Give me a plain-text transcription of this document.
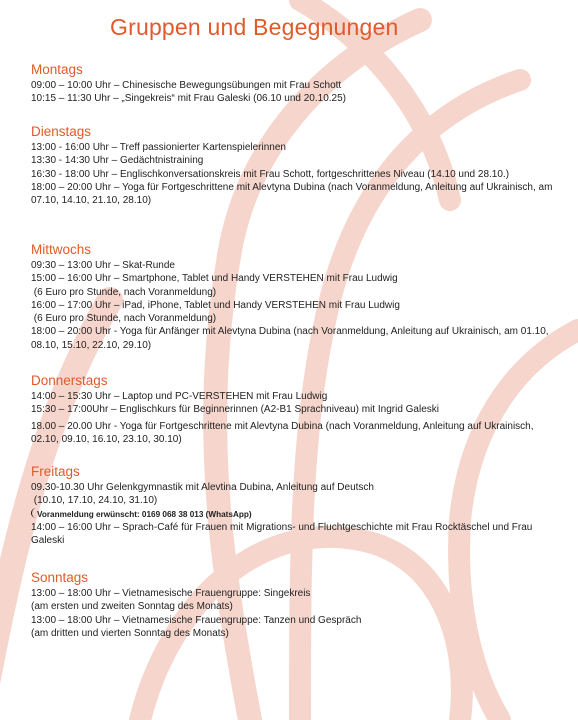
Gruppen und Begegnungen
Montags
09:00 – 10:00 Uhr – Chinesische Bewegungsübungen mit Frau Schott
10:15 – 11:30 Uhr – „Singekreis“ mit Frau Galeski (06.10 und 20.10.25)
Dienstags
13:00 - 16:00 Uhr – Treff passionierter Kartenspielerinnen
13:30 - 14:30 Uhr – Gedächtnistraining
16:30 - 18:00 Uhr – Englischkonversationskreis mit Frau Schott, fortgeschrittenes Niveau (14.10 und 28.10.)
18:00 – 20:00 Uhr – Yoga für Fortgeschrittene mit Alevtyna Dubina (nach Voranmeldung, Anleitung auf Ukrainisch, am 07.10, 14.10, 21.10, 28.10)
Mittwochs
09:30 – 13:00 Uhr – Skat-Runde
15:00 – 16:00 Uhr – Smartphone, Tablet und Handy VERSTEHEN mit Frau Ludwig
(6 Euro pro Stunde, nach Voranmeldung)
16:00 – 17:00 Uhr – iPad, iPhone, Tablet und Handy VERSTEHEN mit Frau Ludwig
(6 Euro pro Stunde, nach Voranmeldung)
18:00 – 20:00 Uhr - Yoga für Anfänger mit Alevtyna Dubina (nach Voranmeldung, Anleitung auf Ukrainisch, am 01.10, 08.10, 15.10, 22.10, 29.10)
Donnerstags
14:00 – 15:30 Uhr – Laptop und PC-VERSTEHEN mit Frau Ludwig
15:30 – 17:00Uhr – Englischkurs für Beginnerinnen (A2-B1 Sprachniveau) mit Ingrid Galeski
18.00 – 20.00 Uhr - Yoga für Fortgeschrittene mit Alevtyna Dubina (nach Voranmeldung, Anleitung auf Ukrainisch, 02.10, 09.10, 16.10, 23.10, 30.10)
Freitags
09.30-10.30 Uhr Gelenkgymnastik mit Alevtina Dubina, Anleitung auf Deutsch
(10.10, 17.10, 24.10, 31.10)
Voranmeldung erwünscht: 0169 068 38 013 (WhatsApp)
14:00 – 16:00 Uhr – Sprach-Café für Frauen mit Migrations- und Fluchtgeschichte mit Frau Rocktäschel und Frau Galeski
Sonntags
13:00 – 18:00 Uhr – Vietnamesische Frauengruppe: Singekreis
(am ersten und zweiten Sonntag des Monats)
13:00 – 18:00 Uhr – Vietnamesische Frauengruppe: Tanzen und Gespräch
(am dritten und vierten Sonntag des Monats)
